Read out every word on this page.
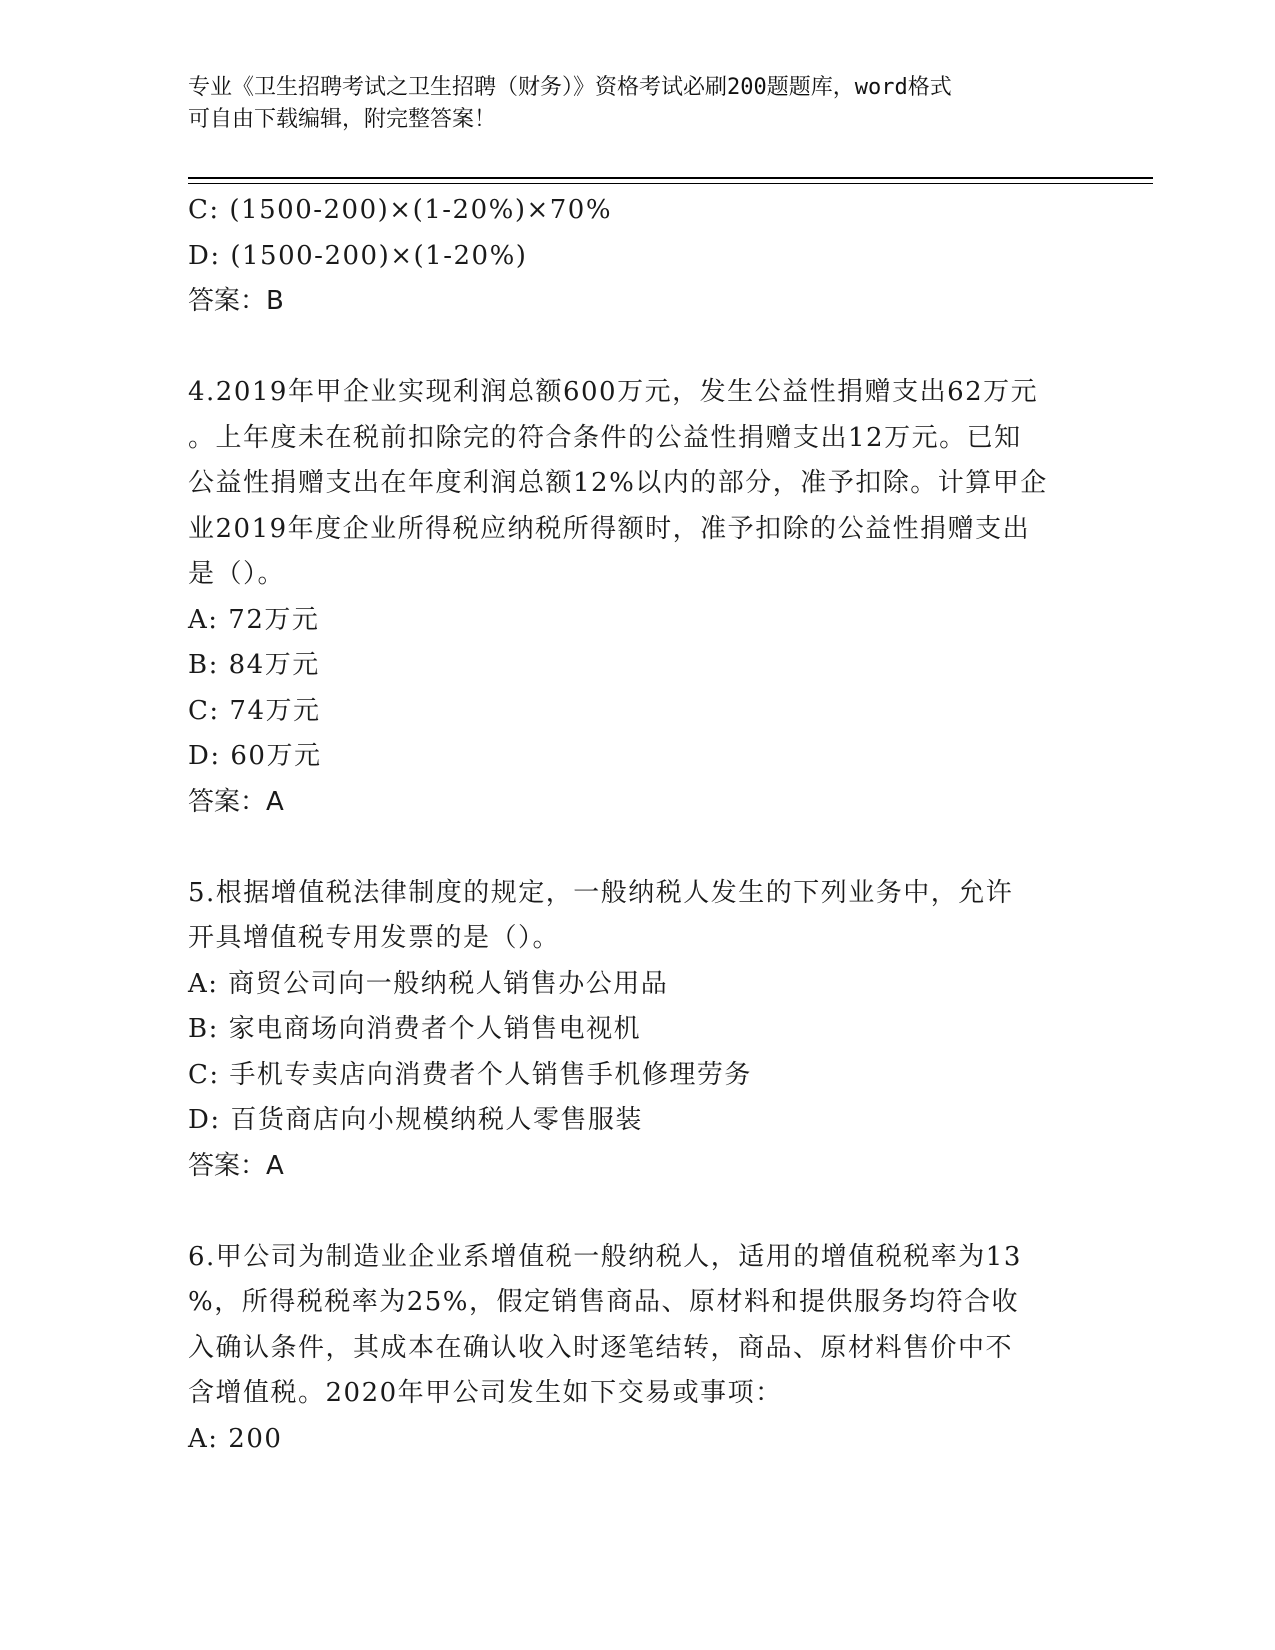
专业《卫生招聘考试之卫生招聘（财务）》资格考试必刷200题题库，word格式
可自由下载编辑，附完整答案！
C: (1500-200)×(1-20%)×70%
D: (1500-200)×(1-20%)
答案：B
4.2019年甲企业实现利润总额600万元，发生公益性捐赠支出62万元
。上年度未在税前扣除完的符合条件的公益性捐赠支出12万元。已知
公益性捐赠支出在年度利润总额12%以内的部分，准予扣除。计算甲企
业2019年度企业所得税应纳税所得额时，准予扣除的公益性捐赠支出
是（）。
A: 72万元
B: 84万元
C: 74万元
D: 60万元
答案：A
5.根据增值税法律制度的规定，一般纳税人发生的下列业务中，允许
开具增值税专用发票的是（）。
A: 商贸公司向一般纳税人销售办公用品
B: 家电商场向消费者个人销售电视机
C: 手机专卖店向消费者个人销售手机修理劳务
D: 百货商店向小规模纳税人零售服装
答案：A
6.甲公司为制造业企业系增值税一般纳税人，适用的增值税税率为13
%，所得税税率为25%，假定销售商品、原材料和提供服务均符合收
入确认条件，其成本在确认收入时逐笔结转，商品、原材料售价中不
含增值税。2020年甲公司发生如下交易或事项：
A: 200
